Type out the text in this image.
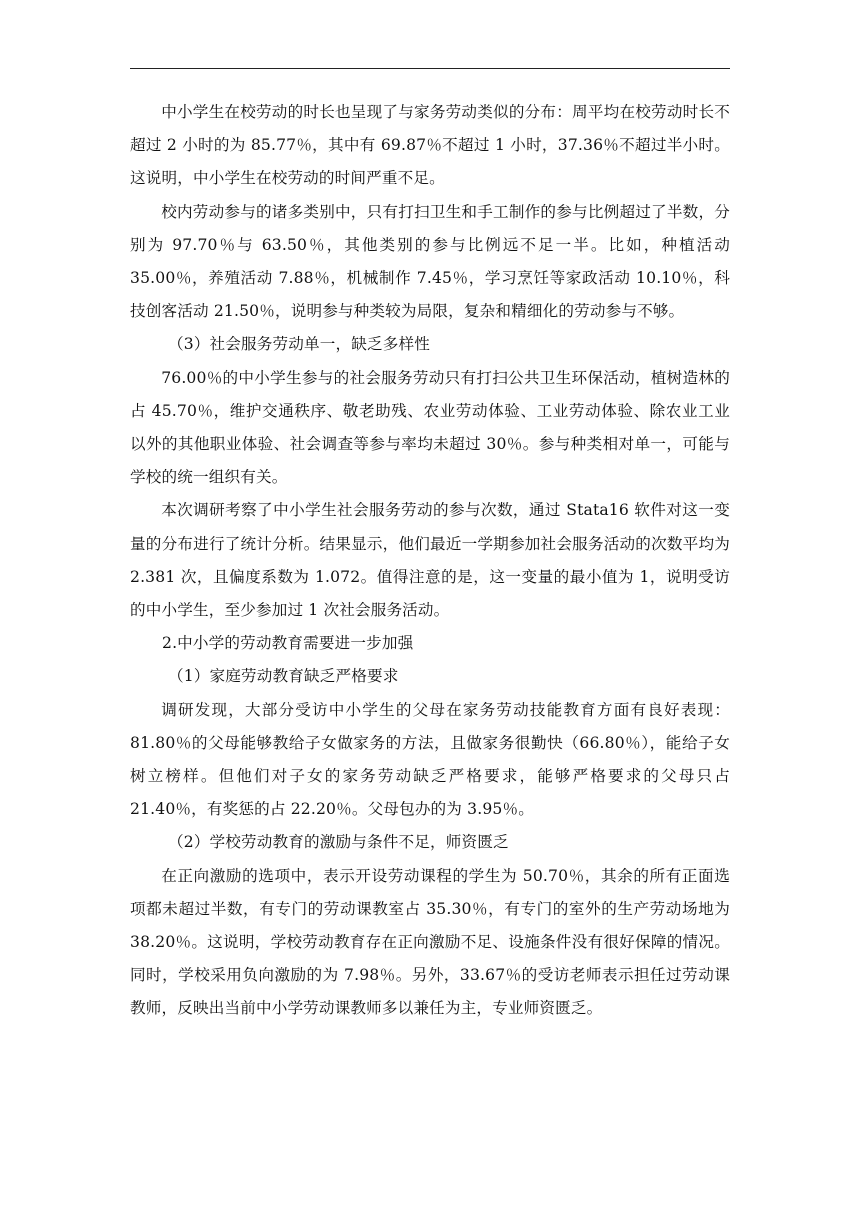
中小学生在校劳动的时长也呈现了与家务劳动类似的分布：周平均在校劳动时长不超过 2 小时的为 85.77％，其中有 69.87％不超过 1 小时，37.36％不超过半小时。这说明，中小学生在校劳动的时间严重不足。

校内劳动参与的诸多类别中，只有打扫卫生和手工制作的参与比例超过了半数，分别为 97.70％与 63.50％，其他类别的参与比例远不足一半。比如，种植活动 35.00％，养殖活动 7.88％，机械制作 7.45％，学习烹饪等家政活动 10.10％，科技创客活动 21.50％，说明参与种类较为局限，复杂和精细化的劳动参与不够。

（3）社会服务劳动单一，缺乏多样性

76.00％的中小学生参与的社会服务劳动只有打扫公共卫生环保活动，植树造林的占 45.70％，维护交通秩序、敬老助残、农业劳动体验、工业劳动体验、除农业工业以外的其他职业体验、社会调查等参与率均未超过 30％。参与种类相对单一，可能与学校的统一组织有关。

本次调研考察了中小学生社会服务劳动的参与次数，通过 Stata16 软件对这一变量的分布进行了统计分析。结果显示，他们最近一学期参加社会服务活动的次数平均为 2.381 次，且偏度系数为 1.072。值得注意的是，这一变量的最小值为 1，说明受访的中小学生，至少参加过 1 次社会服务活动。

2.中小学的劳动教育需要进一步加强

（1）家庭劳动教育缺乏严格要求

调研发现，大部分受访中小学生的父母在家务劳动技能教育方面有良好表现：81.80％的父母能够教给子女做家务的方法，且做家务很勤快（66.80％），能给子女树立榜样。但他们对子女的家务劳动缺乏严格要求，能够严格要求的父母只占 21.40％，有奖惩的占 22.20％。父母包办的为 3.95％。

（2）学校劳动教育的激励与条件不足，师资匮乏

在正向激励的选项中，表示开设劳动课程的学生为 50.70％，其余的所有正面选项都未超过半数，有专门的劳动课教室占 35.30％，有专门的室外的生产劳动场地为 38.20％。这说明，学校劳动教育存在正向激励不足、设施条件没有很好保障的情况。同时，学校采用负向激励的为 7.98％。另外，33.67％的受访老师表示担任过劳动课教师，反映出当前中小学劳动课教师多以兼任为主，专业师资匮乏。
